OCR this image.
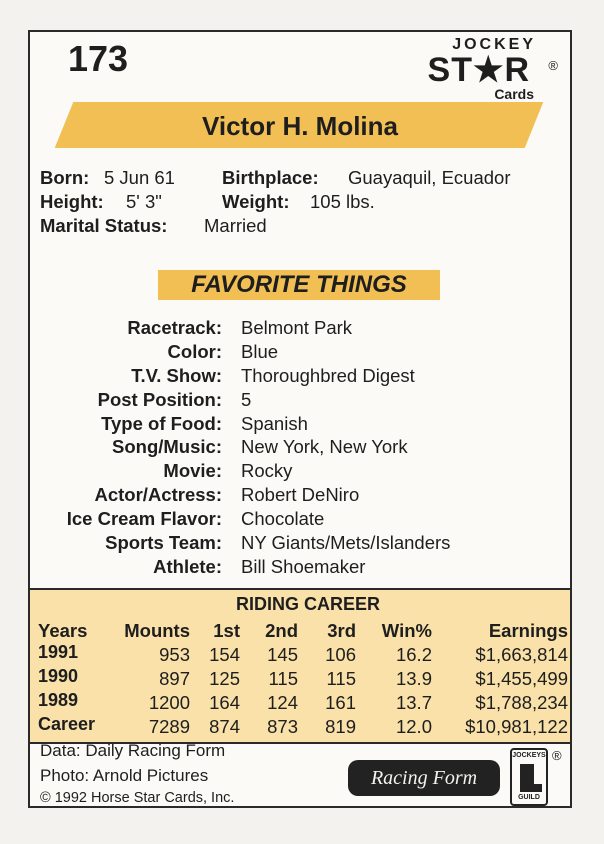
173	JOCKEY
ST★R ®
Cards
Victor H. Molina
Born: 5 Jun 61	Birthplace: Guayaquil, Ecuador
Height: 5' 3"	Weight: 105 lbs.
Marital Status: Married
FAVORITE THINGS
Racetrack: Belmont Park
Color: Blue
T.V. Show: Thoroughbred Digest
Post Position: 5
Type of Food: Spanish
Song/Music: New York, New York
Movie: Rocky
Actor/Actress: Robert DeNiro
Ice Cream Flavor: Chocolate
Sports Team: NY Giants/Mets/Islanders
Athlete: Bill Shoemaker
RIDING CAREER
Years Mounts 1st 2nd 3rd Win%	Earnings
1991	953 154 145 106 16.2 $1,663,814
1990	897 125 115 115 13.9 $1,455,499
1989	1200 164 124 161 13.7 $1,788,234
Career	7289 874 873 819 12.0 $10,981,122
Data: Daily Racing Form
Photo: Arnold Pictures
© 1992 Horse Star Cards, Inc.
Racing Form
JOCKEYS
GUILD
®
